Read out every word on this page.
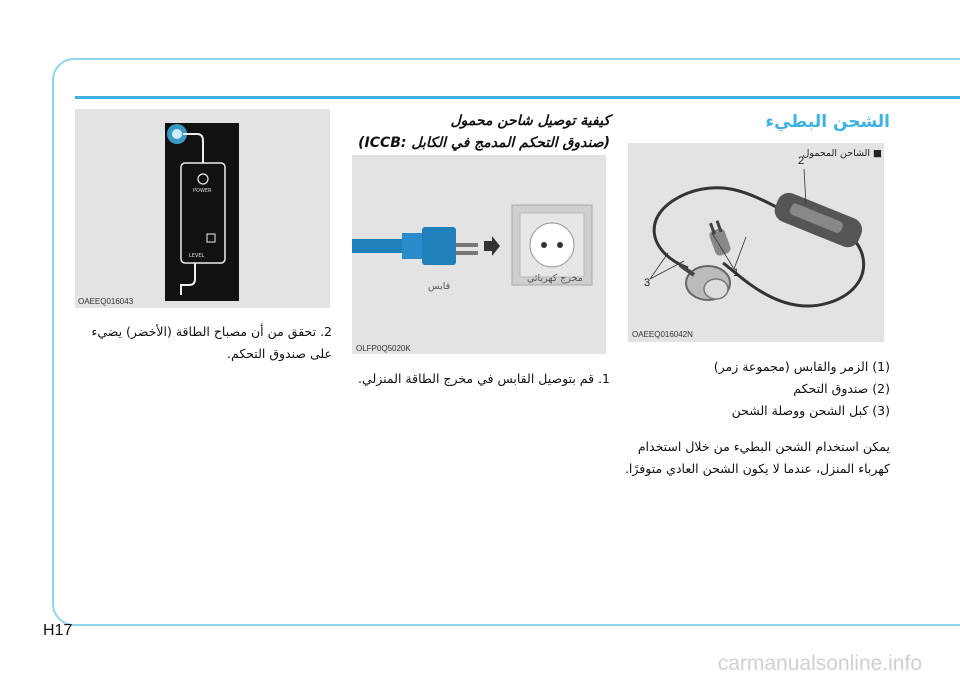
الشحن البطيء
كيفية توصيل شاحن محمول
(صندوق التحكم المدمج في الكابل :ICCB)
2
1
3
OAEEQ016042N
■ الشاحن المحمول
مخرج كهربائي
قابس
OLFP0Q5020K
POWER
LEVEL
OAEEQ016043
(1) الزمر والقابس (مجموعة زمر)
(2) صندوق التحكم
(3) كبل الشحن ووصلة الشحن
يمكن استخدام الشحن البطيء من خلال استخدام
كهرباء المنزل، عندما لا يكون الشحن العادي متوفرًا.
1. قم بتوصيل القابس في مخرج الطاقة المنزلي.
2. تحقق من أن مصباح الطاقة (الأخضر) يضيء
على صندوق التحكم.
H17
carmanualsonline.info
